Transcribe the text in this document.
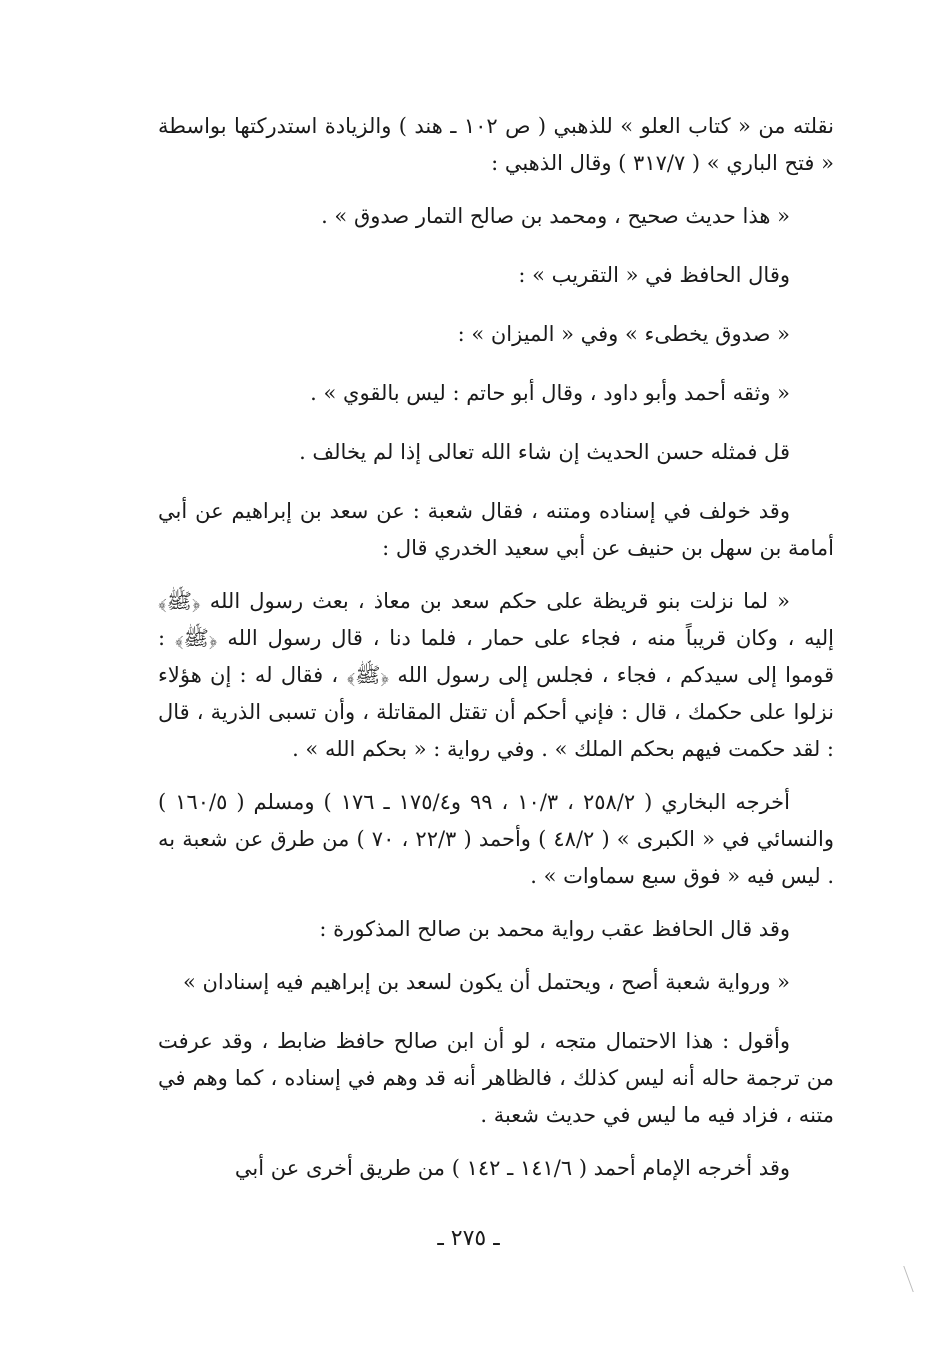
نقلته من « كتاب العلو » للذهبي ( ص ١٠٢ ـ هند ) والزيادة استدركتها بواسطة « فتح الباري » ( ٣١٧/٧ ) وقال الذهبي :

« هذا حديث صحيح ، ومحمد بن صالح التمار صدوق » .

وقال الحافظ في « التقريب » :

« صدوق يخطىء » وفي « الميزان » :

« وثقه أحمد وأبو داود ، وقال أبو حاتم : ليس بالقوي » .

قل فمثله حسن الحديث إن شاء الله تعالى إذا لم يخالف .

وقد خولف في إسناده ومتنه ، فقال شعبة : عن سعد بن إبراهيم عن أبي أمامة بن سهل بن حنيف عن أبي سعيد الخدري قال :

« لما نزلت بنو قريظة على حكم سعد بن معاذ ، بعث رسول الله ﴿ﷺ﴾ إليه ، وكان قريباً منه ، فجاء على حمار ، فلما دنا ، قال رسول الله ﴿ﷺ﴾ : قوموا إلى سيدكم ، فجاء ، فجلس إلى رسول الله ﴿ﷺ﴾ ، فقال له : إن هؤلاء نزلوا على حكمك ، قال : فإني أحكم أن تقتل المقاتلة ، وأن تسبى الذرية ، قال : لقد حكمت فيهم بحكم الملك » . وفي رواية : « بحكم الله » .

أخرجه البخاري ( ٢٥٨/٢ ، ١٠/٣ ، ٩٩ و١٧٥/٤ ـ ١٧٦ ) ومسلم ( ١٦٠/٥ ) والنسائي في « الكبرى » ( ٤٨/٢ ) وأحمد ( ٢٢/٣ ، ٧٠ ) من طرق عن شعبة به . ليس فيه « فوق سبع سماوات » .

وقد قال الحافظ عقب رواية محمد بن صالح المذكورة :

« ورواية شعبة أصح ، ويحتمل أن يكون لسعد بن إبراهيم فيه إسنادان »

وأقول : هذا الاحتمال متجه ، لو أن ابن صالح حافظ ضابط ، وقد عرفت من ترجمة حاله أنه ليس كذلك ، فالظاهر أنه قد وهم في إسناده ، كما وهم في متنه ، فزاد فيه ما ليس في حديث شعبة .

وقد أخرجه الإمام أحمد ( ١٤١/٦ ـ ١٤٢ ) من طريق أخرى عن أبي

ـ ٢٧٥ ـ
